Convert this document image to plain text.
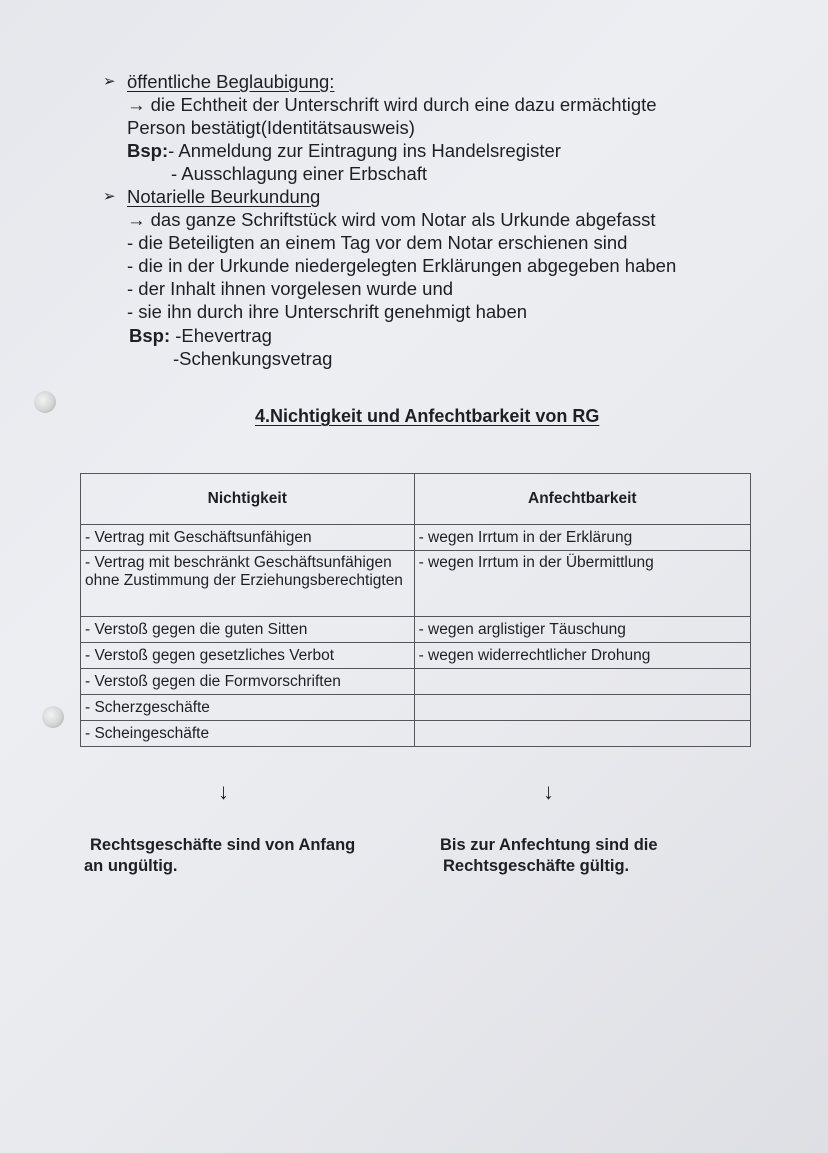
➢ öffentliche Beglaubigung:
→ die Echtheit der Unterschrift wird durch eine dazu ermächtigte
Person bestätigt(Identitätsausweis)
Bsp:- Anmeldung zur Eintragung ins Handelsregister
- Ausschlagung einer Erbschaft
➢ Notarielle Beurkundung
→ das ganze Schriftstück wird vom Notar als Urkunde abgefasst
- die Beteiligten an einem Tag vor dem Notar erschienen sind
- die in der Urkunde niedergelegten Erklärungen abgegeben haben
- der Inhalt ihnen vorgelesen wurde und
- sie ihn durch ihre Unterschrift genehmigt haben
Bsp: -Ehevertrag
-Schenkungsvetrag
4.Nichtigkeit und Anfechtbarkeit von RG
Nichtigkeit	Anfechtbarkeit
- Vertrag mit Geschäftsunfähigen	- wegen Irrtum in der Erklärung
- Vertrag mit beschränkt Geschäftsunfähigen ohne Zustimmung der Erziehungsberechtigten	- wegen Irrtum in der Übermittlung
- Verstoß gegen die guten Sitten	- wegen arglistiger Täuschung
- Verstoß gegen gesetzliches Verbot	- wegen widerrechtlicher Drohung
- Verstoß gegen die Formvorschriften	
- Scherzgeschäfte	
- Scheingeschäfte	
↓	↓
Rechtsgeschäfte sind von Anfang
an ungültig.
Bis zur Anfechtung sind die
Rechtsgeschäfte gültig.
